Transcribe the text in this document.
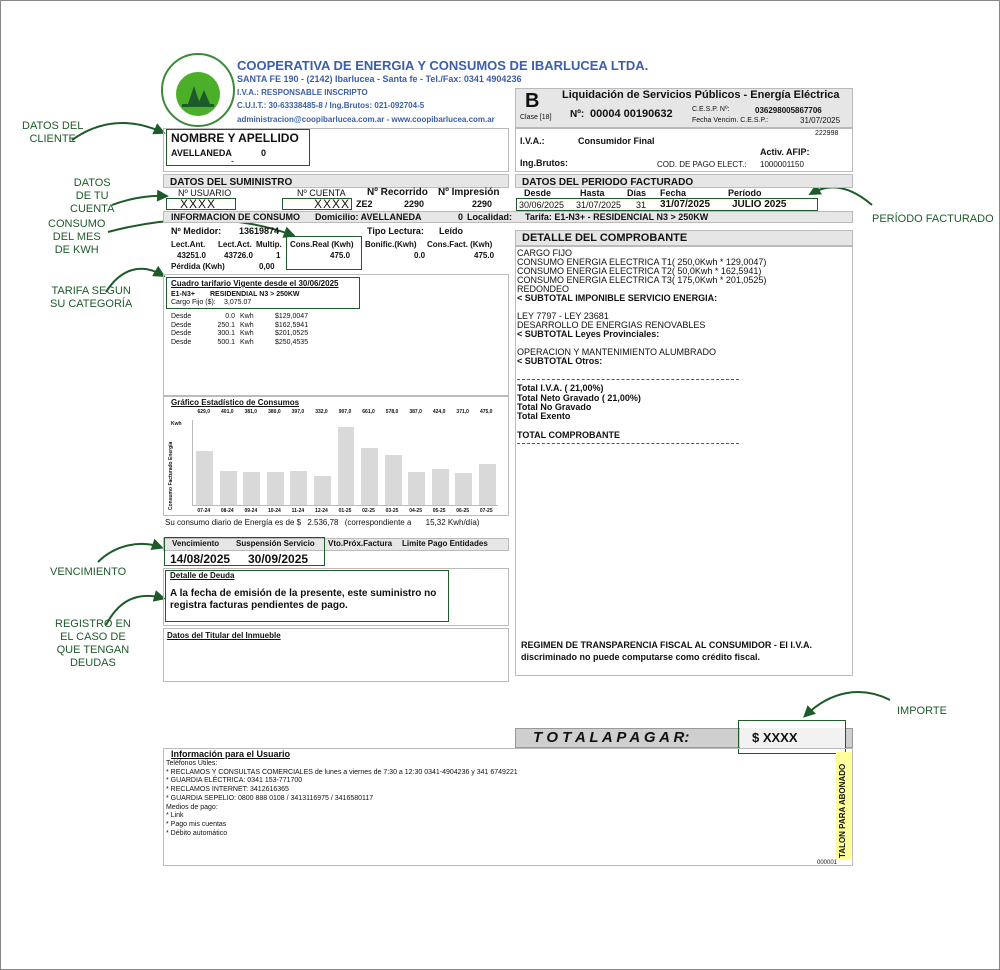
DATOS DEL
CLIENTE
DATOS
DE TU
CUENTA
CONSUMO
DEL MES
DE KWH
TARIFA SEGUN
SU CATEGORÍA
VENCIMIENTO
REGISTRO EN
EL CASO DE
QUE TENGAN
DEUDAS
PERÍODO FACTURADO
IMPORTE
COOPERATIVA DE ENERGIA Y CONSUMOS DE IBARLUCEA LTDA.
SANTA FE 190 - (2142) Ibarlucea - Santa fe - Tel./Fax: 0341 4904236
I.V.A.: RESPONSABLE INSCRIPTO
C.U.I.T.: 30-63338485-8 / Ing.Brutos: 021-092704-5
administracion@coopibarlucea.com.ar - www.coopibarlucea.com.ar
B
Clase [18]
Liquidación de Servicios Públicos - Energía Eléctrica
Nº: 00004 00190632	C.E.S.P. Nº:	036298005867706
Fecha Vencim. C.E.S.P.:	31/07/2025
222998
I.V.A.:	Consumidor Final
Activ. AFIP:
Ing.Brutos:	COD. DE PAGO ELECT.: 1000001150
NOMBRE Y APELLIDO
AVELLANEDA	0
-
DATOS DEL SUMINISTRO
Nº USUARIO	Nº CUENTA Nº Recorrido Nº Impresión
XXXX	XXXX ZE2	2290	2290
DATOS DEL PERIODO FACTURADO
Desde	Hasta Días Fecha	Período
30/06/2025 31/07/2025 31 31/07/2025 JULIO 2025
INFORMACION DE CONSUMO Domicilio: AVELLANEDA	0 Localidad: Tarifa: E1-N3+ - RESIDENCIAL N3 > 250KW
Nº Medidor: 13619874	Tipo Lectura: Leído
Lect.Ant. Lect.Act. Multip. Cons.Real (Kwh) Bonific.(Kwh) Cons.Fact. (Kwh)
43251.0 43726.0	1	475.0	0.0	475.0
Pérdida (Kwh)	0,00
Cuadro tarifario Vigente desde el 30/06/2025
E1-N3+ RESIDENDIAL N3 > 250KW
Cargo Fijo ($): 3,075.07
Desde	0.0 Kwh	$129,0047
Desde	250.1 Kwh	$162,5941
Desde	300.1 Kwh	$201,0525
Desde	500.1 Kwh	$250,4535
Gráfico Estadístico de Consumos
Kwh
Consumo Facturado Energía
629,0	401,0	381,0	380,0	397,0	332,0	907,0	661,0	578,0	387,0	424,0	371,0	475,0
07-24	08-24	09-24	10-24	11-24	12-24	01-25	02-25	03-25	04-25	05-25	06-25	07-25
Su consumo diario de Energía es de $ 2.536,78 (correspondiente a 15,32 Kwh/día)
Vencimiento Suspensión Servicio Vto.Próx.Factura Limite Pago Entidades
14/08/2025 30/09/2025
Detalle de Deuda
A la fecha de emisión de la presente, este suministro no
registra facturas pendientes de pago.
Datos del Titular del Inmueble
DETALLE DEL COMPROBANTE
CARGO FIJO
CONSUMO ENERGIA ELECTRICA T1( 250,0Kwh * 129,0047)
CONSUMO ENERGIA ELECTRICA T2( 50,0Kwh * 162,5941)
CONSUMO ENERGIA ELECTRICA T3( 175,0Kwh * 201,0525)
REDONDEO
< SUBTOTAL IMPONIBLE SERVICIO ENERGIA:
LEY 7797 - LEY 23681
DESARROLLO DE ENERGIAS RENOVABLES
< SUBTOTAL Leyes Provinciales:
OPERACION Y MANTENIMIENTO ALUMBRADO
< SUBTOTAL Otros:
Total I.V.A. ( 21,00%)
Total Neto Gravado ( 21,00%)
Total No Gravado
Total Exento
TOTAL COMPROBANTE
REGIMEN DE TRANSPARENCIA FISCAL AL CONSUMIDOR - El I.V.A.
discriminado no puede computarse como crédito fiscal.
T O T A L A P A G A R:	$ XXXX
Información para el Usuario
Teléfonos Utiles:
* RECLAMOS Y CONSULTAS COMERCIALES de lunes a viernes de 7:30 a 12:30 0341-4904236 y 341 6749221
* GUARDIA ELÉCTRICA: 0341 153-771700
* RECLAMOS INTERNET: 3412616365
* GUARDIA SEPELIO: 0800 888 0108 / 3413116975 / 3416580117
Medios de pago:
* Link
* Pago mis cuentas
* Débito automático	TALON PARA ABONADO
000001
